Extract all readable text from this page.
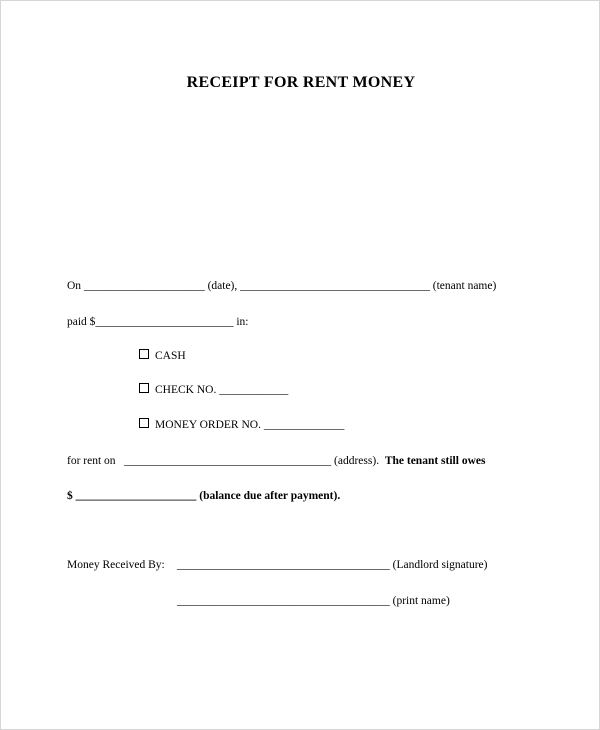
RECEIPT FOR RENT MONEY
On _____________________ (date), _________________________________ (tenant name)
paid $________________________ in:
CASH
CHECK NO. ____________
MONEY ORDER NO. ______________
for rent on ____________________________________ (address). The tenant still owes
$ _____________________ (balance due after payment).
Money Received By: _____________________________________ (Landlord signature)
_____________________________________ (print name)
